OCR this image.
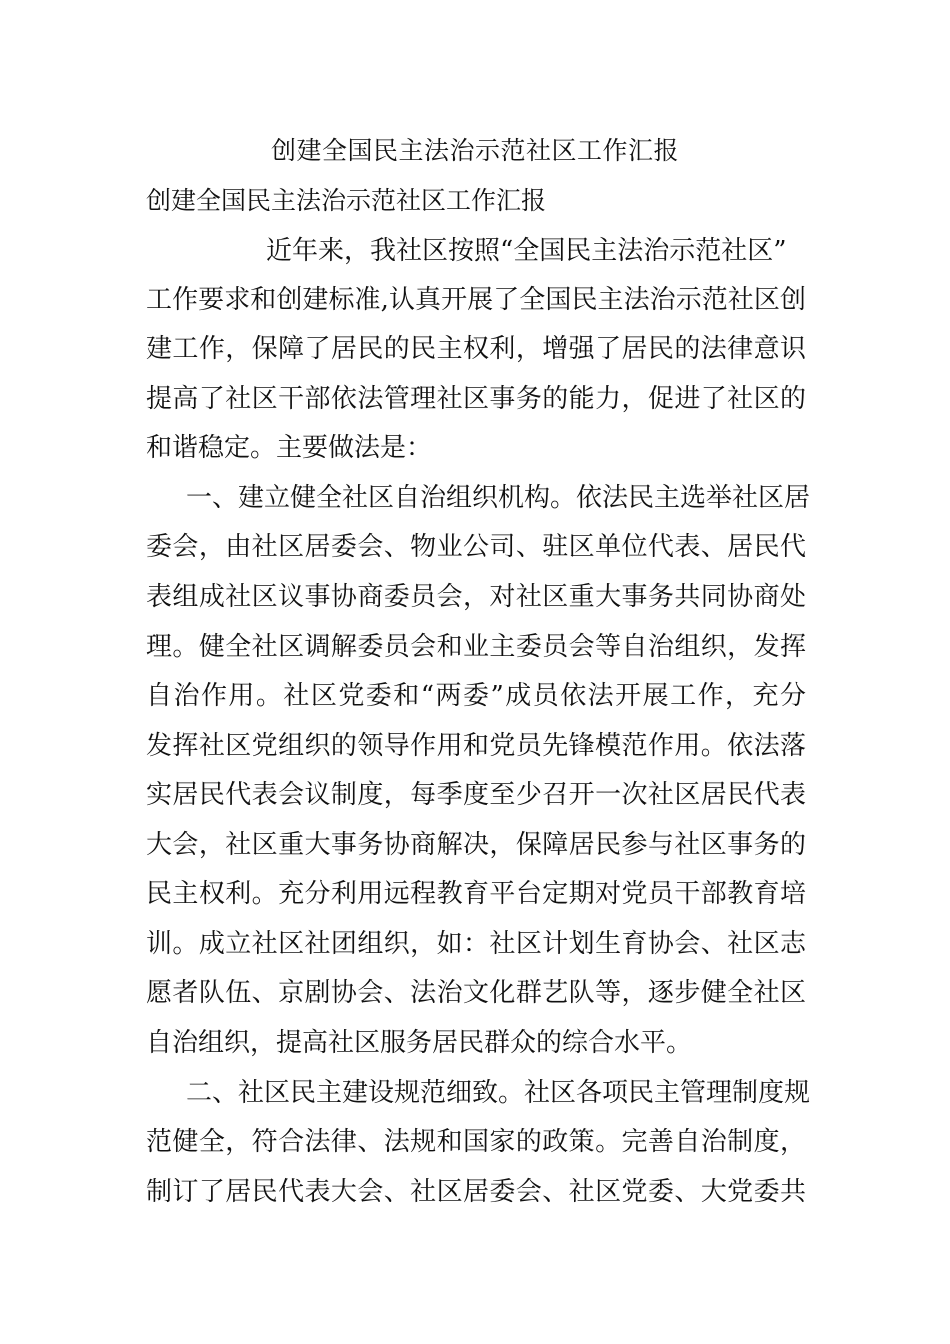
创建全国民主法治示范社区工作汇报
创建全国民主法治示范社区工作汇报
近年来，我社区按照“全国民主法治示范社区”
工作要求和创建标准,认真开展了全国民主法治示范社区创
建工作，保障了居民的民主权利，增强了居民的法律意识
提高了社区干部依法管理社区事务的能力，促进了社区的
和谐稳定。主要做法是：
一、建立健全社区自治组织机构。依法民主选举社区居
委会，由社区居委会、物业公司、驻区单位代表、居民代
表组成社区议事协商委员会，对社区重大事务共同协商处
理。健全社区调解委员会和业主委员会等自治组织，发挥
自治作用。社区党委和“两委”成员依法开展工作，充分
发挥社区党组织的领导作用和党员先锋模范作用。依法落
实居民代表会议制度，每季度至少召开一次社区居民代表
大会，社区重大事务协商解决，保障居民参与社区事务的
民主权利。充分利用远程教育平台定期对党员干部教育培
训。成立社区社团组织，如：社区计划生育协会、社区志
愿者队伍、京剧协会、法治文化群艺队等，逐步健全社区
自治组织，提高社区服务居民群众的综合水平。
二、社区民主建设规范细致。社区各项民主管理制度规
范健全，符合法律、法规和国家的政策。完善自治制度，
制订了居民代表大会、社区居委会、社区党委、大党委共
